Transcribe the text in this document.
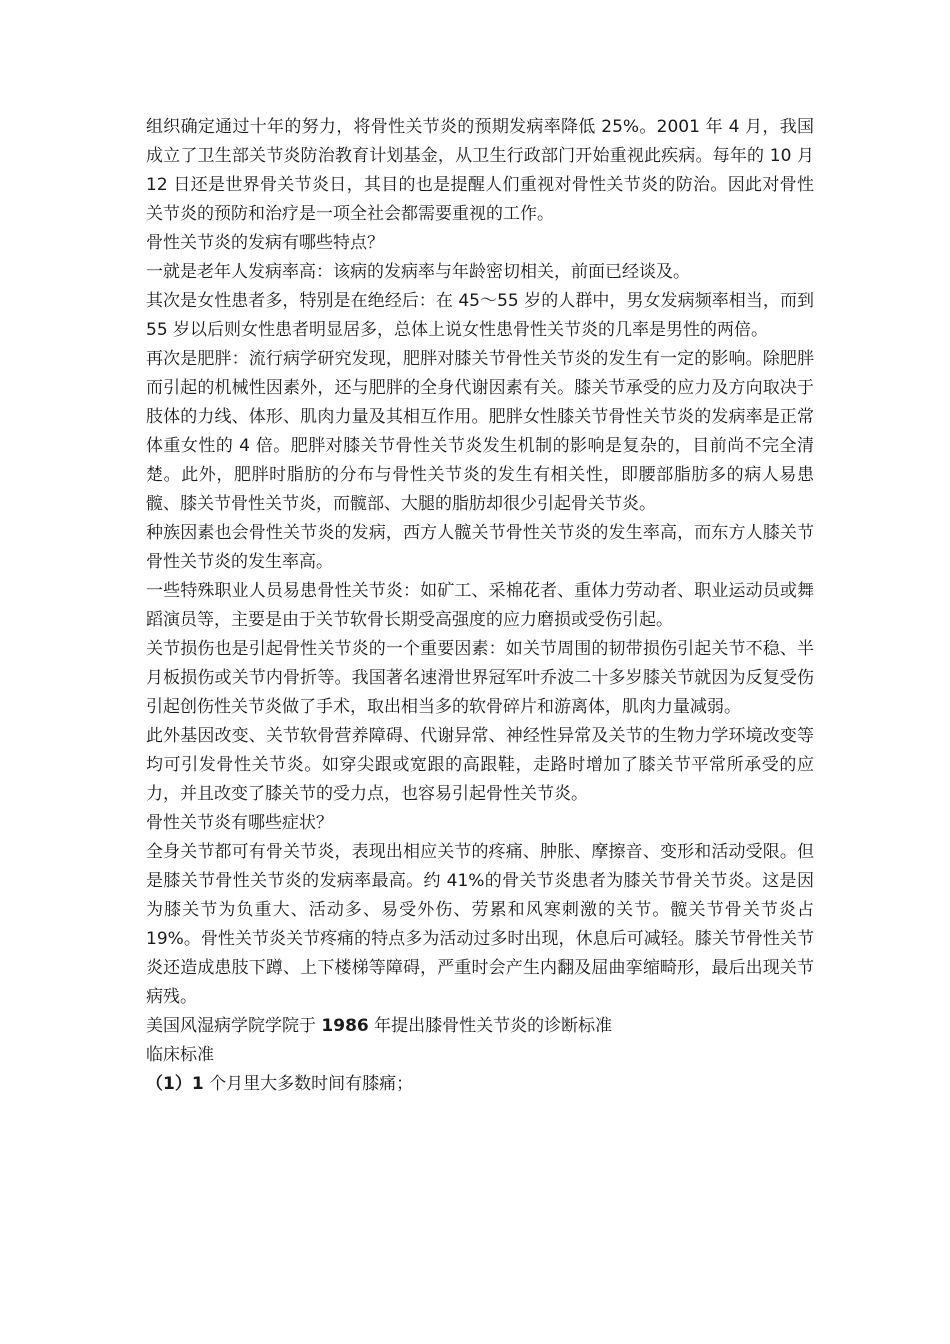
组织确定通过十年的努力，将骨性关节炎的预期发病率降低 25%。2001 年 4 月，我国成立了卫生部关节炎防治教育计划基金，从卫生行政部门开始重视此疾病。每年的 10 月 12 日还是世界骨关节炎日，其目的也是提醒人们重视对骨性关节炎的防治。因此对骨性关节炎的预防和治疗是一项全社会都需要重视的工作。

骨性关节炎的发病有哪些特点？

一就是老年人发病率高：该病的发病率与年龄密切相关，前面已经谈及。

其次是女性患者多，特别是在绝经后：在 45～55 岁的人群中，男女发病频率相当，而到 55 岁以后则女性患者明显居多，总体上说女性患骨性关节炎的几率是男性的两倍。

再次是肥胖：流行病学研究发现，肥胖对膝关节骨性关节炎的发生有一定的影响。除肥胖而引起的机械性因素外，还与肥胖的全身代谢因素有关。膝关节承受的应力及方向取决于肢体的力线、体形、肌肉力量及其相互作用。肥胖女性膝关节骨性关节炎的发病率是正常体重女性的 4 倍。肥胖对膝关节骨性关节炎发生机制的影响是复杂的，目前尚不完全清楚。此外，肥胖时脂肪的分布与骨性关节炎的发生有相关性，即腰部脂肪多的病人易患髋、膝关节骨性关节炎，而髋部、大腿的脂肪却很少引起骨关节炎。

种族因素也会骨性关节炎的发病，西方人髋关节骨性关节炎的发生率高，而东方人膝关节骨性关节炎的发生率高。

一些特殊职业人员易患骨性关节炎：如矿工、采棉花者、重体力劳动者、职业运动员或舞蹈演员等，主要是由于关节软骨长期受高强度的应力磨损或受伤引起。

关节损伤也是引起骨性关节炎的一个重要因素：如关节周围的韧带损伤引起关节不稳、半月板损伤或关节内骨折等。我国著名速滑世界冠军叶乔波二十多岁膝关节就因为反复受伤引起创伤性关节炎做了手术，取出相当多的软骨碎片和游离体，肌肉力量减弱。

此外基因改变、关节软骨营养障碍、代谢异常、神经性异常及关节的生物力学环境改变等均可引发骨性关节炎。如穿尖跟或宽跟的高跟鞋，走路时增加了膝关节平常所承受的应力，并且改变了膝关节的受力点，也容易引起骨性关节炎。

骨性关节炎有哪些症状？

全身关节都可有骨关节炎，表现出相应关节的疼痛、肿胀、摩擦音、变形和活动受限。但是膝关节骨性关节炎的发病率最高。约 41%的骨关节炎患者为膝关节骨关节炎。这是因为膝关节为负重大、活动多、易受外伤、劳累和风寒刺激的关节。髋关节骨关节炎占 19%。骨性关节炎关节疼痛的特点多为活动过多时出现，休息后可减轻。膝关节骨性关节炎还造成患肢下蹲、上下楼梯等障碍，严重时会产生内翻及屈曲挛缩畸形，最后出现关节病残。

美国风湿病学院学院于 1986 年提出膝骨性关节炎的诊断标准

临床标准

（1）1 个月里大多数时间有膝痛；
